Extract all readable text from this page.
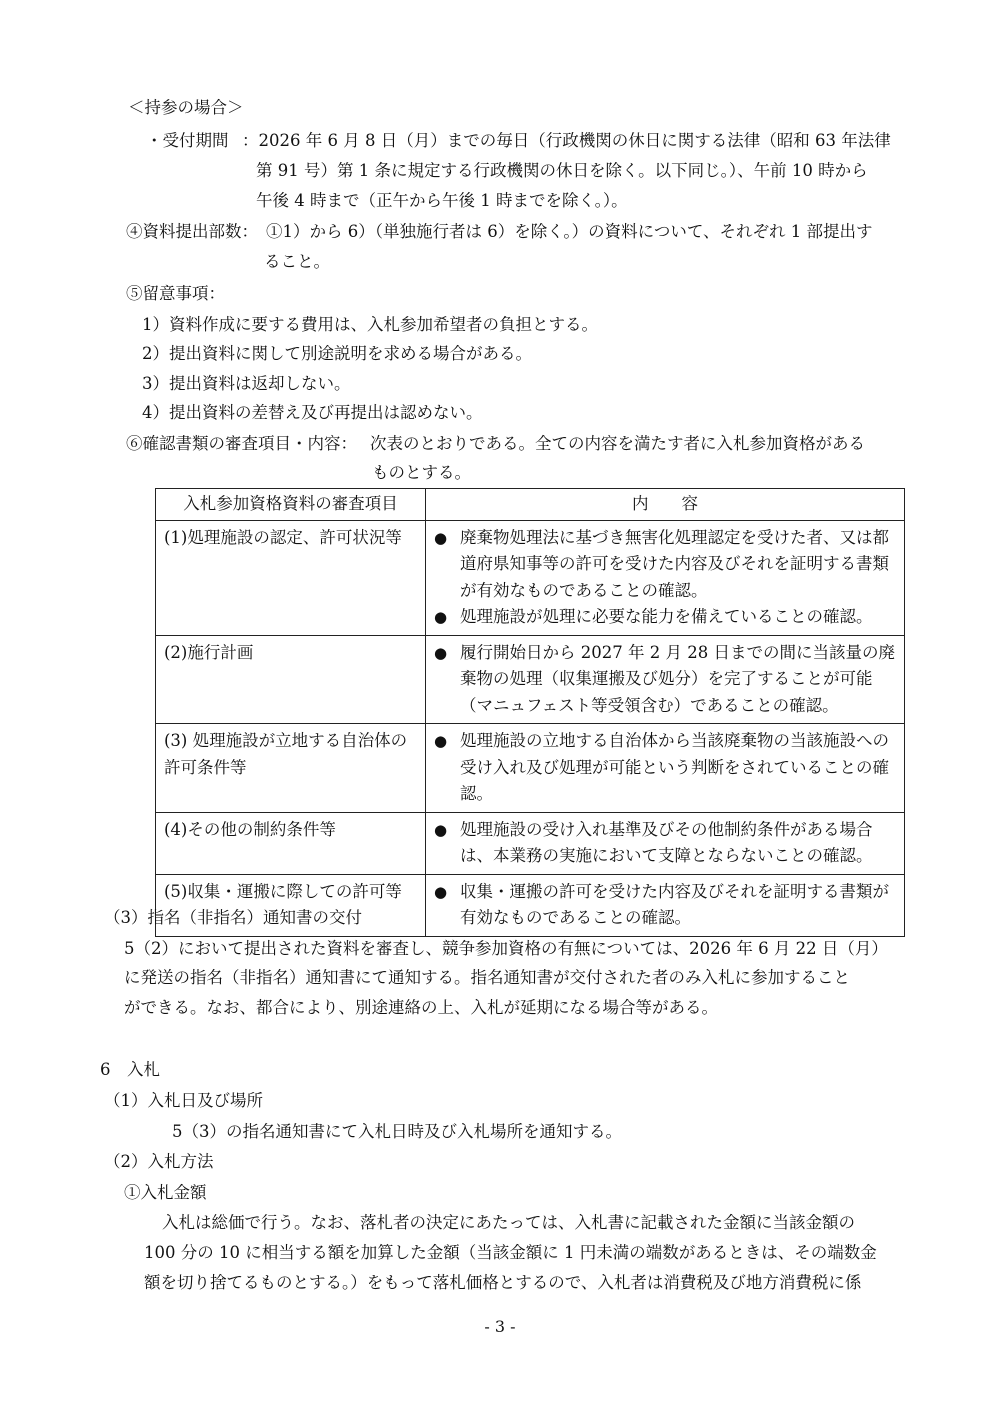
＜持参の場合＞
・受付期間 ：2026 年 6 月 8 日（月）までの毎日（行政機関の休日に関する法律（昭和 63 年法律
第 91 号）第 1 条に規定する行政機関の休日を除く。以下同じ。）、午前 10 時から
午後 4 時まで（正午から午後 1 時までを除く。）。
④資料提出部数： ①1）から 6）（単独施行者は 6）を除く。）の資料について、それぞれ 1 部提出す
ること。
⑤留意事項：
1）資料作成に要する費用は、入札参加希望者の負担とする。
2）提出資料に関して別途説明を求める場合がある。
3）提出資料は返却しない。
4）提出資料の差替え及び再提出は認めない。
⑥確認書類の審査項目・内容： 次表のとおりである。全ての内容を満たす者に入札参加資格がある
ものとする。
入札参加資格資料の審査項目	内　　容
(1)処理施設の認定、許可状況等	● 廃棄物処理法に基づき無害化処理認定を受けた者、又は都道府県知事等の許可を受けた内容及びそれを証明する書類が有効なものであることの確認。
● 処理施設が処理に必要な能力を備えていることの確認。

(2)施行計画	● 履行開始日から 2027 年 2 月 28 日までの間に当該量の廃棄物の処理（収集運搬及び処分）を完了することが可能（マニュフェスト等受領含む）であることの確認。

(3) 処理施設が立地する自治体の許可条件等	● 処理施設の立地する自治体から当該廃棄物の当該施設への受け入れ及び処理が可能という判断をされていることの確認。

(4)その他の制約条件等	● 処理施設の受け入れ基準及びその他制約条件がある場合は、本業務の実施において支障とならないことの確認。

(5)収集・運搬に際しての許可等	● 収集・運搬の許可を受けた内容及びそれを証明する書類が有効なものであることの確認。
（3）指名（非指名）通知書の交付
5（2）において提出された資料を審査し、競争参加資格の有無については、2026 年 6 月 22 日（月）
に発送の指名（非指名）通知書にて通知する。指名通知書が交付された者のみ入札に参加すること
ができる。なお、都合により、別途連絡の上、入札が延期になる場合等がある。
6　入札
（1）入札日及び場所
5（3）の指名通知書にて入札日時及び入札場所を通知する。
（2）入札方法
①入札金額
入札は総価で行う。なお、落札者の決定にあたっては、入札書に記載された金額に当該金額の
100 分の 10 に相当する額を加算した金額（当該金額に 1 円未満の端数があるときは、その端数金
額を切り捨てるものとする。）をもって落札価格とするので、入札者は消費税及び地方消費税に係
- 3 -
